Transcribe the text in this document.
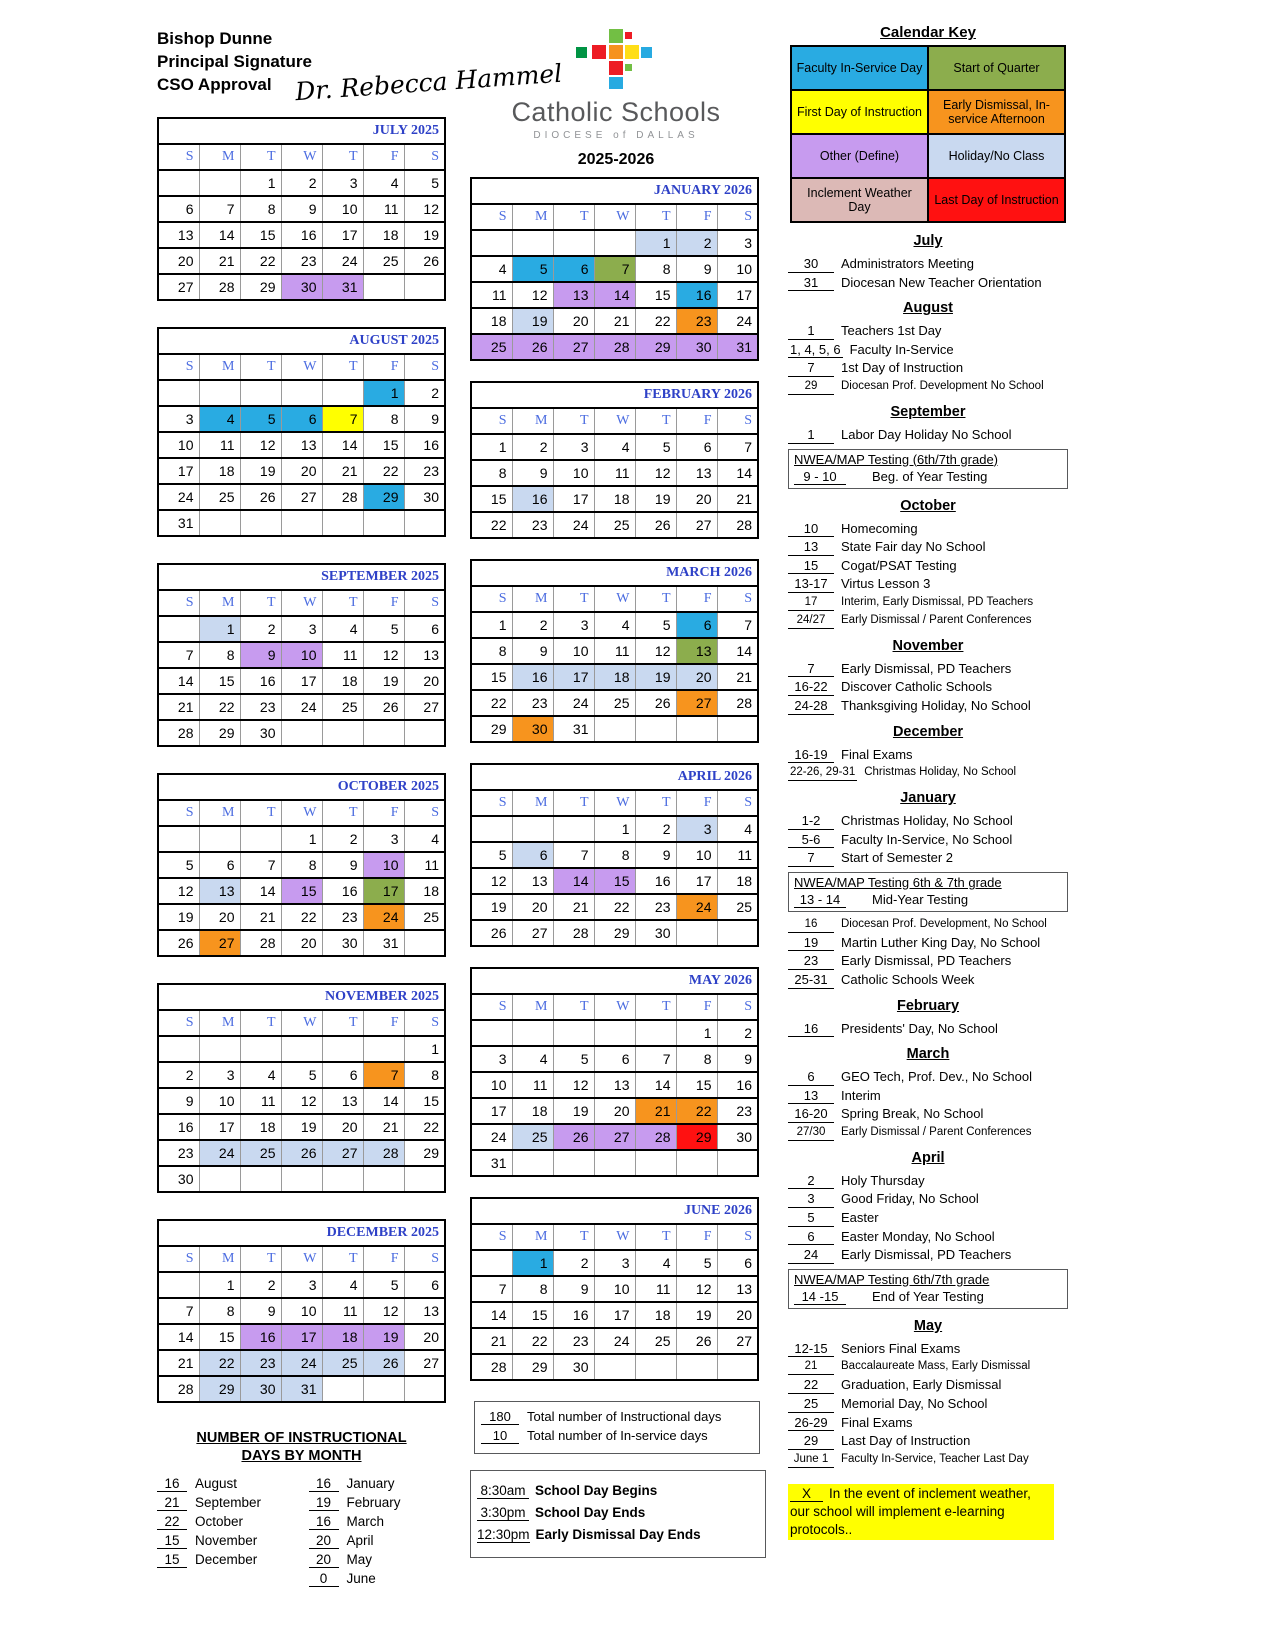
Bishop Dunne
Principal Signature
CSO Approval Dr. Rebecca Hammel
JULY 2025						
S	M	T	W	T	F	S
		1	2	3	4	5
6	7	8	9	10	11	12
13	14	15	16	17	18	19
20	21	22	23	24	25	26
27	28	29	30	31		
AUGUST 2025						
S	M	T	W	T	F	S
					1	2
3	4	5	6	7	8	9
10	11	12	13	14	15	16
17	18	19	20	21	22	23
24	25	26	27	28	29	30
31						
SEPTEMBER 2025						
S	M	T	W	T	F	S
	1	2	3	4	5	6
7	8	9	10	11	12	13
14	15	16	17	18	19	20
21	22	23	24	25	26	27
28	29	30				
OCTOBER 2025						
S	M	T	W	T	F	S
			1	2	3	4
5	6	7	8	9	10	11
12	13	14	15	16	17	18
19	20	21	22	23	24	25
26	27	28	20	30	31	
NOVEMBER 2025						
S	M	T	W	T	F	S
						1
2	3	4	5	6	7	8
9	10	11	12	13	14	15
16	17	18	19	20	21	22
23	24	25	26	27	28	29
30						
DECEMBER 2025						
S	M	T	W	T	F	S
	1	2	3	4	5	6
7	8	9	10	11	12	13
14	15	16	17	18	19	20
21	22	23	24	25	26	27
28	29	30	31			
NUMBER OF INSTRUCTIONAL
DAYS BY MONTH
16	August
21	September
22	October
15	November
15	December
16	January
19	February
16	March
20	April
20	May
0	June
Catholic Schools
DIOCESE of DALLAS
2025-2026
JANUARY 2026						
S	M	T	W	T	F	S
				1	2	3
4	5	6	7	8	9	10
11	12	13	14	15	16	17
18	19	20	21	22	23	24
25	26	27	28	29	30	31
FEBRUARY 2026						
S	M	T	W	T	F	S
1	2	3	4	5	6	7
8	9	10	11	12	13	14
15	16	17	18	19	20	21
22	23	24	25	26	27	28
MARCH 2026						
S	M	T	W	T	F	S
1	2	3	4	5	6	7
8	9	10	11	12	13	14
15	16	17	18	19	20	21
22	23	24	25	26	27	28
29	30	31				
APRIL 2026						
S	M	T	W	T	F	S
			1	2	3	4
5	6	7	8	9	10	11
12	13	14	15	16	17	18
19	20	21	22	23	24	25
26	27	28	29	30		
MAY 2026						
S	M	T	W	T	F	S
					1	2
3	4	5	6	7	8	9
10	11	12	13	14	15	16
17	18	19	20	21	22	23
24	25	26	27	28	29	30
31						
JUNE 2026						
S	M	T	W	T	F	S
	1	2	3	4	5	6
7	8	9	10	11	12	13
14	15	16	17	18	19	20
21	22	23	24	25	26	27
28	29	30				
180	Total number of Instructional days
10	Total number of In-service days
8:30am School Day Begins
3:30pm School Day Ends
12:30pm Early Dismissal Day Ends
Calendar Key
Faculty In-Service Day	Start of Quarter
First Day of Instruction	Early Dismissal, In-service Afternoon
Other (Define)	Holiday/No Class
Inclement Weather Day	Last Day of Instruction
July
30	Administrators Meeting
31	Diocesan New Teacher Orientation
August
1	Teachers 1st Day
1, 4, 5, 6 Faculty In-Service
7	1st Day of Instruction
29	Diocesan Prof. Development No School
September
1	Labor Day Holiday No School
NWEA/MAP Testing (6th/7th grade)
9 - 10	Beg. of Year Testing
October
10	Homecoming
13	State Fair day No School
15	Cogat/PSAT Testing
13-17	Virtus Lesson 3
17	Interim, Early Dismissal, PD Teachers
24/27	Early Dismissal / Parent Conferences
November
7	Early Dismissal, PD Teachers
16-22	Discover Catholic Schools
24-28	Thanksgiving Holiday, No School
December
16-19	Final Exams
22-26, 29-31 Christmas Holiday, No School
January
1-2	Christmas Holiday, No School
5-6	Faculty In-Service, No School
7	Start of Semester 2
NWEA/MAP Testing 6th & 7th grade
13 - 14	Mid-Year Testing
16	Diocesan Prof. Development, No School
19	Martin Luther King Day, No School
23	Early Dismissal, PD Teachers
25-31	Catholic Schools Week
February
16	Presidents' Day, No School
March
6	GEO Tech, Prof. Dev., No School
13	Interim
16-20	Spring Break, No School
27/30	Early Dismissal / Parent Conferences
April
2	Holy Thursday
3	Good Friday, No School
5	Easter
6	Easter Monday, No School
24	Early Dismissal, PD Teachers
NWEA/MAP Testing 6th/7th grade
14 -15	End of Year Testing
May
12-15	Seniors Final Exams
21	Baccalaureate Mass, Early Dismissal
22	Graduation, Early Dismissal
25	Memorial Day, No School
26-29	Final Exams
29	Last Day of Instruction
June 1	Faculty In-Service, Teacher Last Day
X In the event of inclement weather, our school will implement e-learning protocols..
